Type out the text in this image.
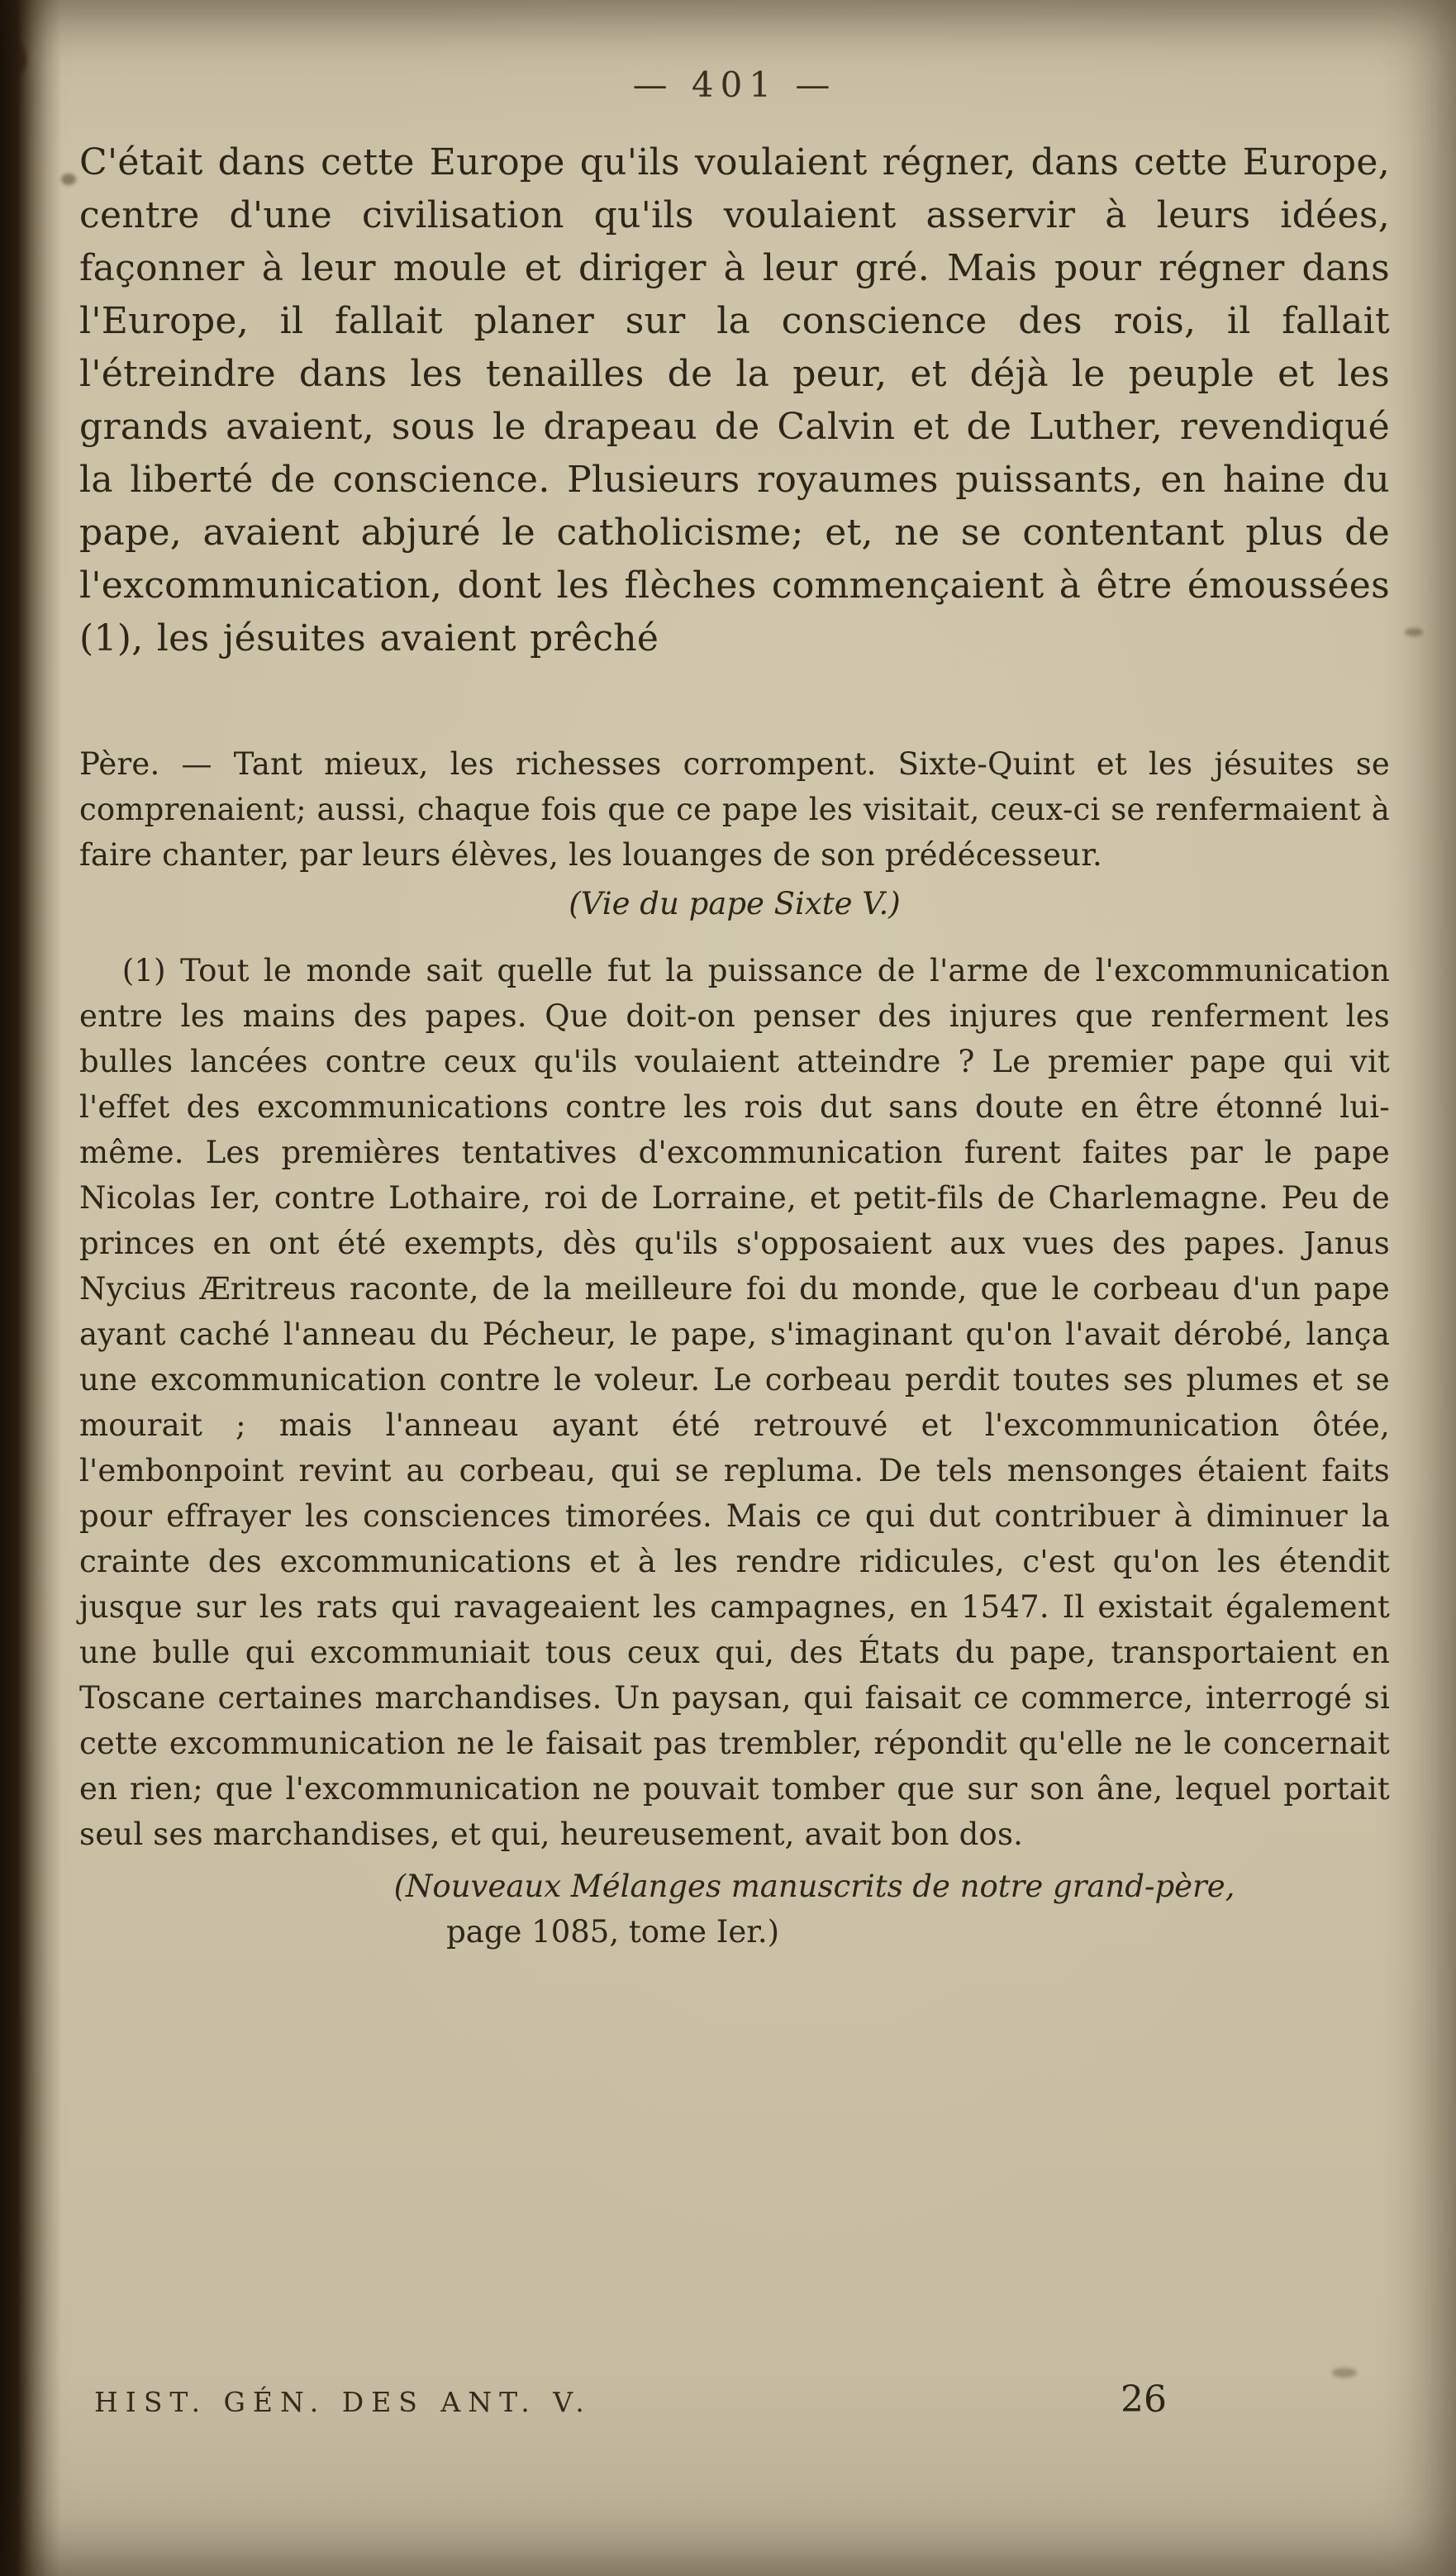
— 401 —

C'était dans cette Europe qu'ils voulaient régner, dans cette Europe, centre d'une civilisation qu'ils voulaient asservir à leurs idées, façonner à leur moule et diriger à leur gré. Mais pour régner dans l'Europe, il fallait planer sur la conscience des rois, il fallait l'étreindre dans les tenailles de la peur, et déjà le peuple et les grands avaient, sous le drapeau de Calvin et de Luther, revendiqué la liberté de conscience. Plusieurs royaumes puissants, en haine du pape, avaient abjuré le catholicisme; et, ne se contentant plus de l'excommunication, dont les flèches commençaient à être émoussées (1), les jésuites avaient prêché

Père. — Tant mieux, les richesses corrompent. Sixte-Quint et les jésuites se comprenaient; aussi, chaque fois que ce pape les visitait, ceux-ci se renfermaient à faire chanter, par leurs élèves, les louanges de son prédécesseur.

(Vie du pape Sixte V.)

(1) Tout le monde sait quelle fut la puissance de l'arme de l'excommunication entre les mains des papes. Que doit-on penser des injures que renferment les bulles lancées contre ceux qu'ils voulaient atteindre ? Le premier pape qui vit l'effet des excommunications contre les rois dut sans doute en être étonné lui-même. Les premières tentatives d'excommunication furent faites par le pape Nicolas Ier, contre Lothaire, roi de Lorraine, et petit-fils de Charlemagne. Peu de princes en ont été exempts, dès qu'ils s'opposaient aux vues des papes. Janus Nycius Æritreus raconte, de la meilleure foi du monde, que le corbeau d'un pape ayant caché l'anneau du Pécheur, le pape, s'imaginant qu'on l'avait dérobé, lança une excommunication contre le voleur. Le corbeau perdit toutes ses plumes et se mourait ; mais l'anneau ayant été retrouvé et l'excommunication ôtée, l'embonpoint revint au corbeau, qui se repluma. De tels mensonges étaient faits pour effrayer les consciences timorées. Mais ce qui dut contribuer à diminuer la crainte des excommunications et à les rendre ridicules, c'est qu'on les étendit jusque sur les rats qui ravageaient les campagnes, en 1547. Il existait également une bulle qui excommuniait tous ceux qui, des États du pape, transportaient en Toscane certaines marchandises. Un paysan, qui faisait ce commerce, interrogé si cette excommunication ne le faisait pas trembler, répondit qu'elle ne le concernait en rien; que l'excommunication ne pouvait tomber que sur son âne, lequel portait seul ses marchandises, et qui, heureusement, avait bon dos.

(Nouveaux Mélanges manuscrits de notre grand-père,

page 1085, tome Ier.)

HIST. GÉN. DES ANT. V.	26
